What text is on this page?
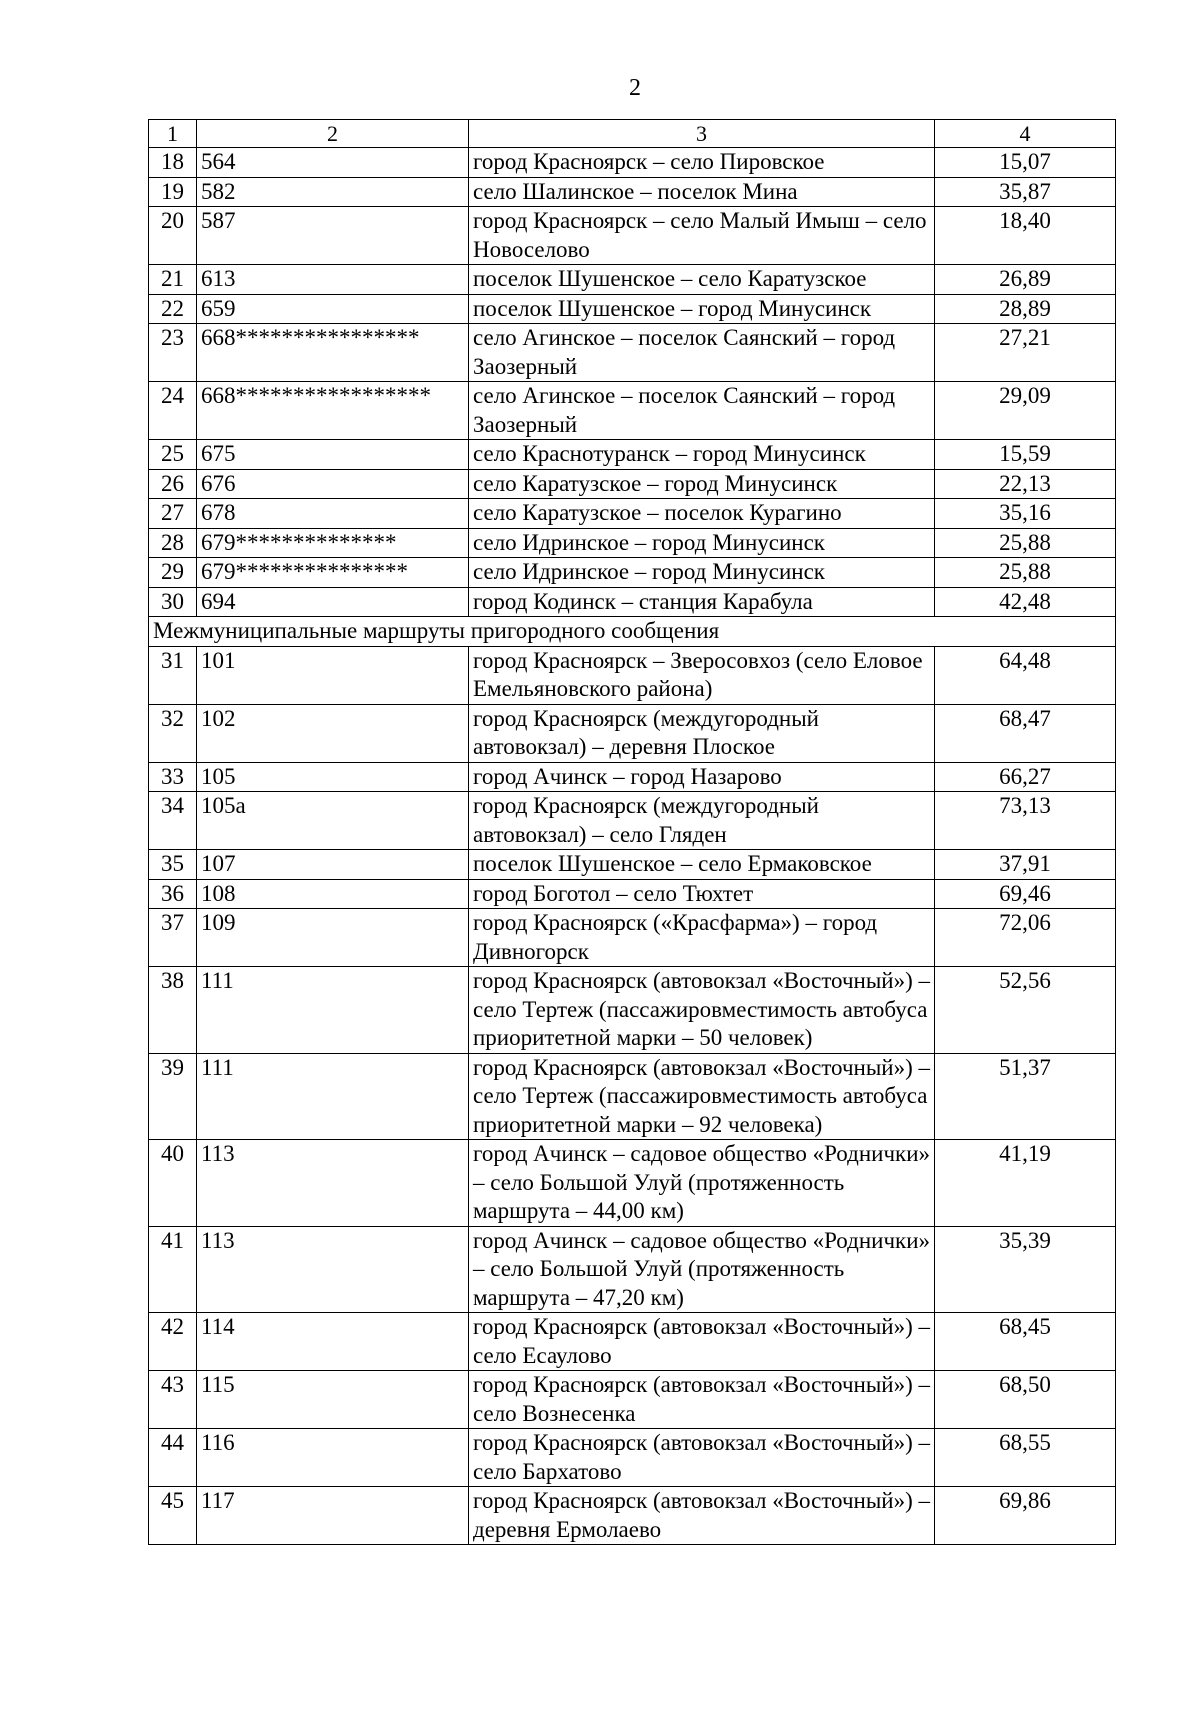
2
1	2	3	4
18	564	город Красноярск – село Пировское	15,07
19	582	село Шалинское – поселок Мина	35,87
20	587	город Красноярск – село Малый Имыш – село Новоселово	18,40
21	613	поселок Шушенское – село Каратузское	26,89
22	659	поселок Шушенское – город Минусинск	28,89
23	668****************	село Агинское – поселок Саянский – город Заозерный	27,21
24	668*****************	село Агинское – поселок Саянский – город Заозерный	29,09
25	675	село Краснотуранск – город Минусинск	15,59
26	676	село Каратузское – город Минусинск	22,13
27	678	село Каратузское – поселок Курагино	35,16
28	679**************	село Идринское – город Минусинск	25,88
29	679***************	село Идринское – город Минусинск	25,88
30	694	город Кодинск – станция Карабула	42,48
Межмуниципальные маршруты пригородного сообщения			
31	101	город Красноярск – Зверосовхоз (село Еловое Емельяновского района)	64,48
32	102	город Красноярск (междугородный автовокзал) – деревня Плоское	68,47
33	105	город Ачинск – город Назарово	66,27
34	105а	город Красноярск (междугородный автовокзал) – село Гляден	73,13
35	107	поселок Шушенское – село Ермаковское	37,91
36	108	город Боготол – село Тюхтет	69,46
37	109	город Красноярск («Красфарма») – город Дивногорск	72,06
38	111	город Красноярск (автовокзал «Восточный») – село Тертеж (пассажировместимость автобуса приоритетной марки – 50 человек)	52,56
39	111	город Красноярск (автовокзал «Восточный») – село Тертеж (пассажировместимость автобуса приоритетной марки – 92 человека)	51,37
40	113	город Ачинск – садовое общество «Роднички» – село Большой Улуй (протяженность маршрута – 44,00 км)	41,19
41	113	город Ачинск – садовое общество «Роднички» – село Большой Улуй (протяженность маршрута – 47,20 км)	35,39
42	114	город Красноярск (автовокзал «Восточный») – село Есаулово	68,45
43	115	город Красноярск (автовокзал «Восточный») – село Вознесенка	68,50
44	116	город Красноярск (автовокзал «Восточный») – село Бархатово	68,55
45	117	город Красноярск (автовокзал «Восточный») – деревня Ермолаево	69,86
